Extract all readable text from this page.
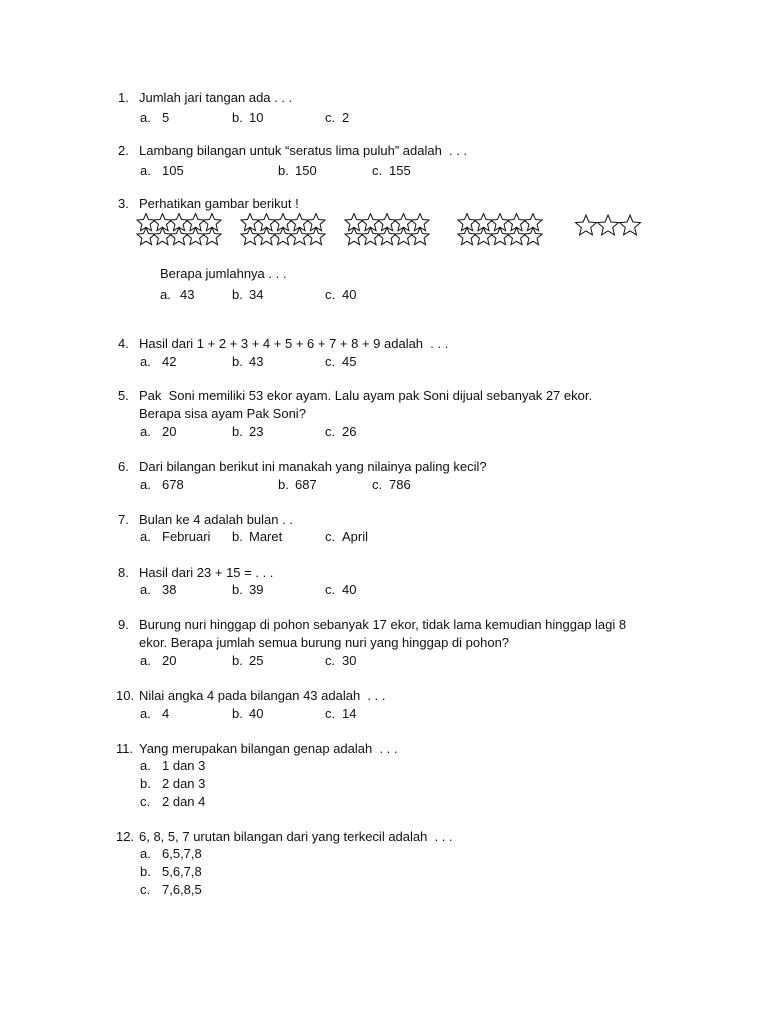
1. Jumlah jari tangan ada . . .
a. 5	b. 10	c. 2
2. Lambang bilangan untuk “seratus lima puluh” adalah  . . .
a. 105	b. 150	c. 155
3. Perhatikan gambar berikut !
Berapa jumlahnya . . .
a. 43	b. 34	c. 40
4. Hasil dari 1 + 2 + 3 + 4 + 5 + 6 + 7 + 8 + 9 adalah  . . .
a. 42	b. 43	c. 45
5. Pak  Soni memiliki 53 ekor ayam. Lalu ayam pak Soni dijual sebanyak 27 ekor.
Berapa sisa ayam Pak Soni?
a. 20	b. 23	c. 26
6. Dari bilangan berikut ini manakah yang nilainya paling kecil?
a. 678	b. 687	c. 786
7. Bulan ke 4 adalah bulan . .
a. Februari b. Maret	c. April
8. Hasil dari 23 + 15 = . . .
a. 38	b. 39	c. 40
9. Burung nuri hinggap di pohon sebanyak 17 ekor, tidak lama kemudian hinggap lagi 8
ekor. Berapa jumlah semua burung nuri yang hinggap di pohon?
a. 20	b. 25	c. 30
10. Nilai angka 4 pada bilangan 43 adalah  . . .
a. 4	b. 40	c. 14
11. Yang merupakan bilangan genap adalah  . . .
a. 1 dan 3
b. 2 dan 3
c. 2 dan 4
12. 6, 8, 5, 7 urutan bilangan dari yang terkecil adalah  . . .
a. 6,5,7,8
b. 5,6,7,8
c. 7,6,8,5
